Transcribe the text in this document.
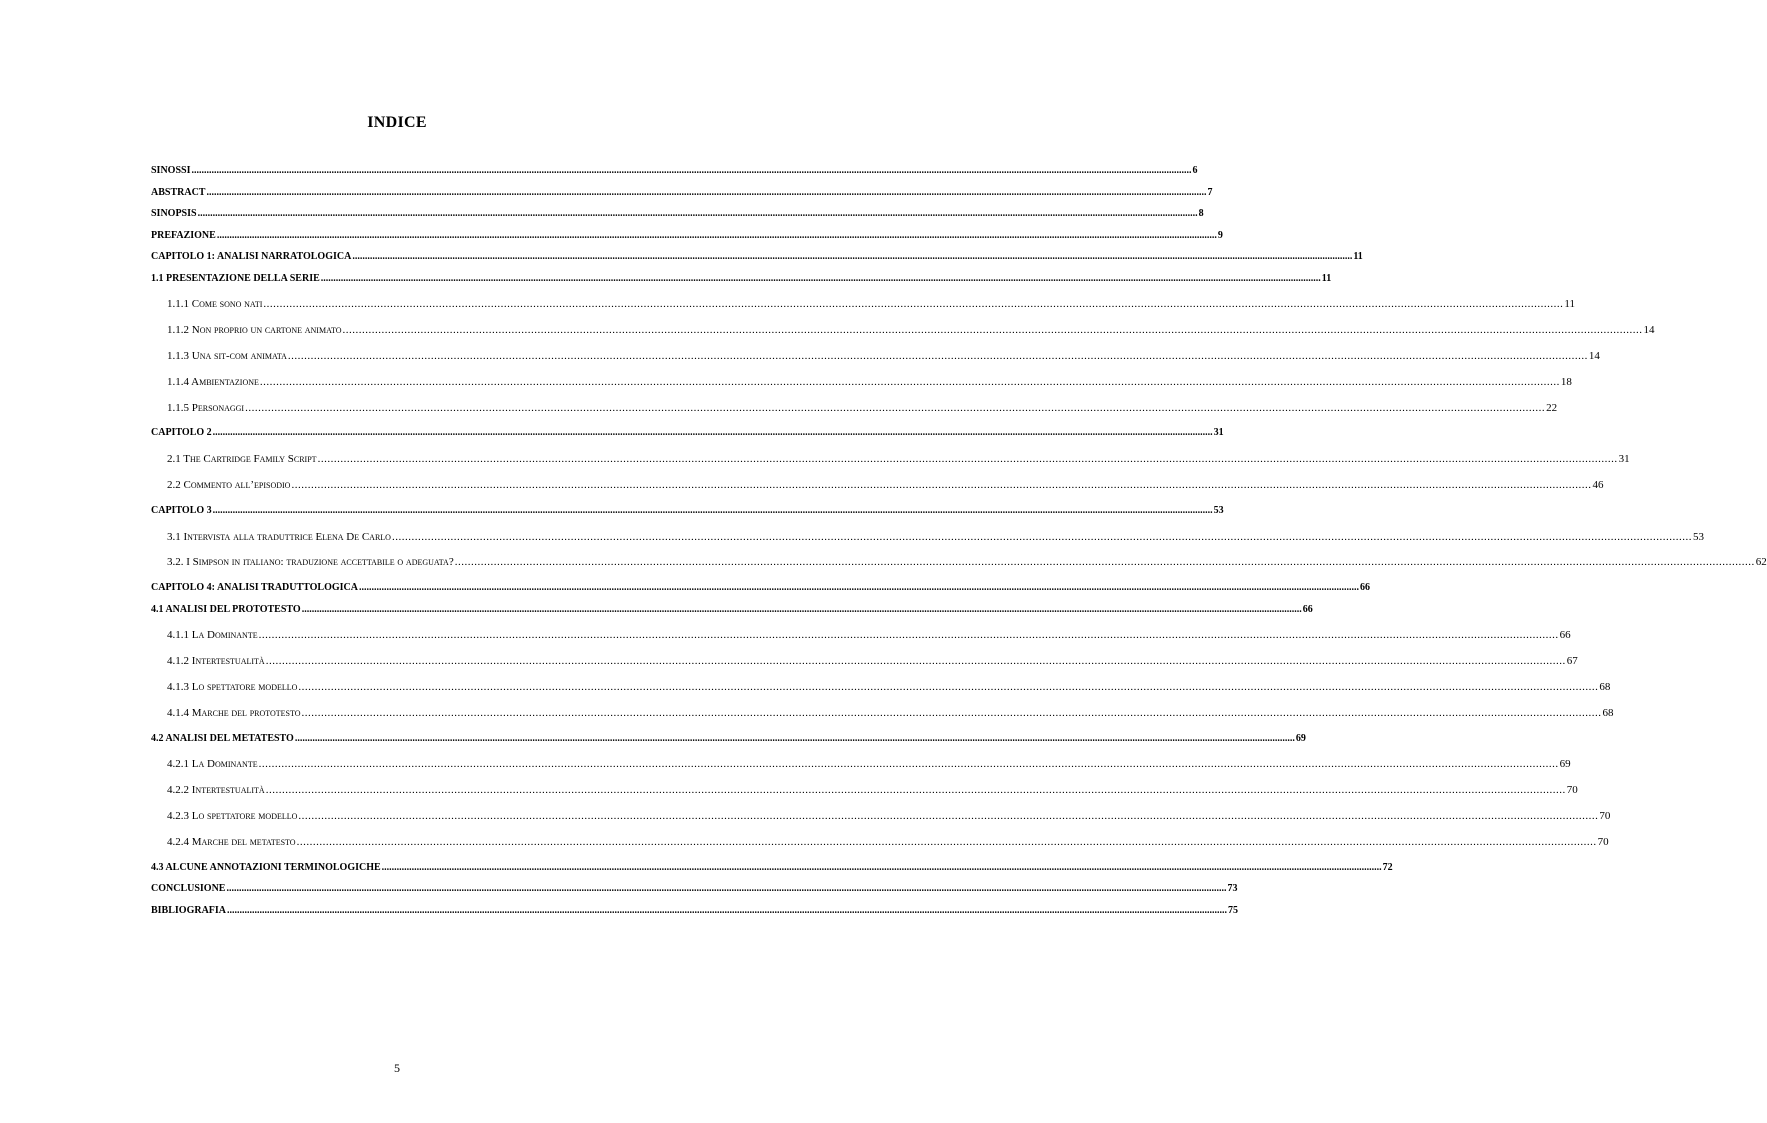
INDICE
SINOSSI ................................................................................................................................................................................................................................................................................................................................................................................................................ 6
ABSTRACT ................................................................................................................................................................................................................................................................................................................................................................................................................ 7
SINOPSIS ................................................................................................................................................................................................................................................................................................................................................................................................................ 8
PREFAZIONE ................................................................................................................................................................................................................................................................................................................................................................................................................ 9
CAPITOLO 1: ANALISI NARRATOLOGICA ................................................................................................................................................................................................................................................................................................................................................................................................................ 11
1.1 PRESENTAZIONE DELLA SERIE ................................................................................................................................................................................................................................................................................................................................................................................................................ 11
1.1.1 Come sono nati ................................................................................................................................................................................................................................................................................................................................................................................................................ 11
1.1.2 Non proprio un cartone animato ................................................................................................................................................................................................................................................................................................................................................................................................................ 14
1.1.3 Una sit-com animata ................................................................................................................................................................................................................................................................................................................................................................................................................ 14
1.1.4 Ambientazione ................................................................................................................................................................................................................................................................................................................................................................................................................ 18
1.1.5 Personaggi ................................................................................................................................................................................................................................................................................................................................................................................................................ 22
CAPITOLO 2 ................................................................................................................................................................................................................................................................................................................................................................................................................ 31
2.1 The Cartridge Family Script ................................................................................................................................................................................................................................................................................................................................................................................................................ 31
2.2 Commento all’episodio ................................................................................................................................................................................................................................................................................................................................................................................................................ 46
CAPITOLO 3 ................................................................................................................................................................................................................................................................................................................................................................................................................ 53
3.1 Intervista alla traduttrice Elena De Carlo ................................................................................................................................................................................................................................................................................................................................................................................................................ 53
3.2. I Simpson in italiano: traduzione accettabile o adeguata? ................................................................................................................................................................................................................................................................................................................................................................................................................ 62
CAPITOLO 4: ANALISI TRADUTTOLOGICA ................................................................................................................................................................................................................................................................................................................................................................................................................ 66
4.1 ANALISI DEL PROTOTESTO ................................................................................................................................................................................................................................................................................................................................................................................................................ 66
4.1.1 La Dominante ................................................................................................................................................................................................................................................................................................................................................................................................................ 66
4.1.2 Intertestualità ................................................................................................................................................................................................................................................................................................................................................................................................................ 67
4.1.3 Lo spettatore modello ................................................................................................................................................................................................................................................................................................................................................................................................................ 68
4.1.4 Marche del prototesto ................................................................................................................................................................................................................................................................................................................................................................................................................ 68
4.2 ANALISI DEL METATESTO ................................................................................................................................................................................................................................................................................................................................................................................................................ 69
4.2.1 La Dominante ................................................................................................................................................................................................................................................................................................................................................................................................................ 69
4.2.2 Intertestualità ................................................................................................................................................................................................................................................................................................................................................................................................................ 70
4.2.3 Lo spettatore modello ................................................................................................................................................................................................................................................................................................................................................................................................................ 70
4.2.4 Marche del metatesto ................................................................................................................................................................................................................................................................................................................................................................................................................ 70
4.3 ALCUNE ANNOTAZIONI TERMINOLOGICHE ................................................................................................................................................................................................................................................................................................................................................................................................................ 72
CONCLUSIONE ................................................................................................................................................................................................................................................................................................................................................................................................................ 73
BIBLIOGRAFIA ................................................................................................................................................................................................................................................................................................................................................................................................................ 75
5
